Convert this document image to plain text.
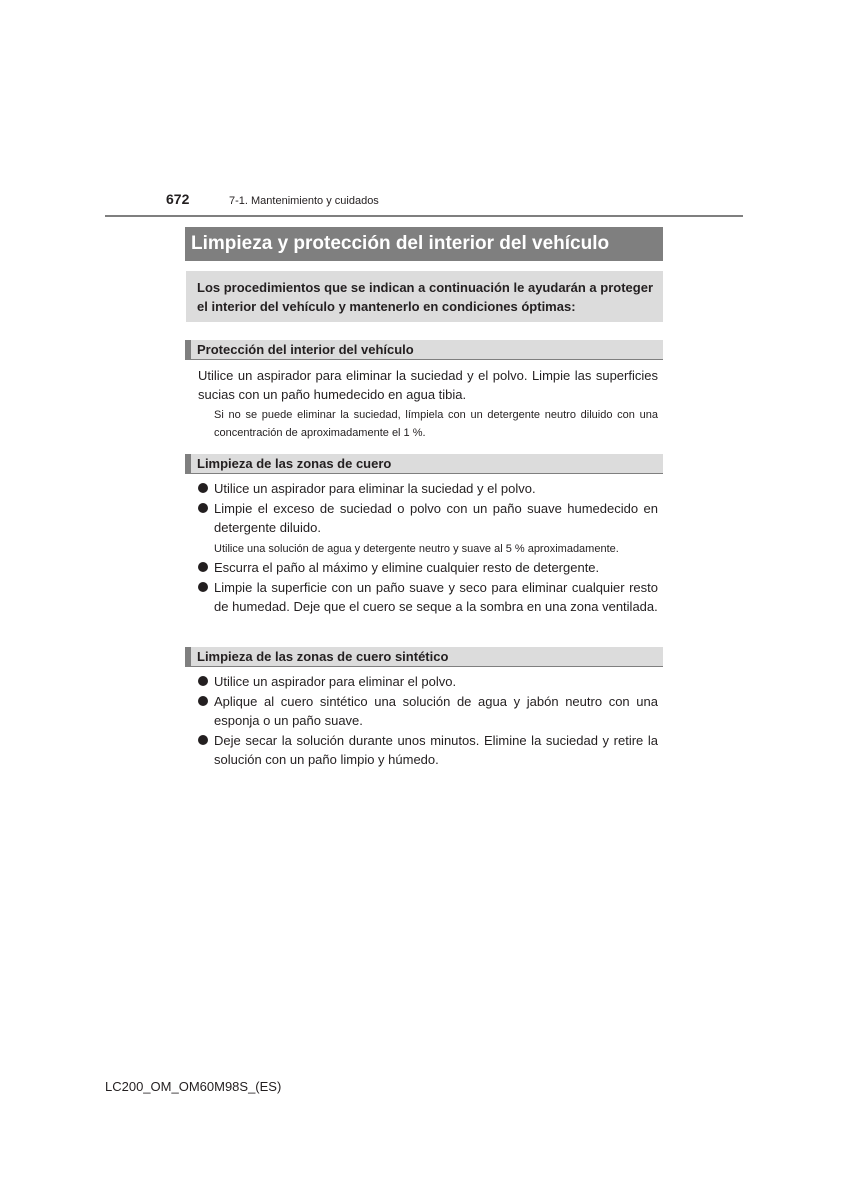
672	7-1. Mantenimiento y cuidados
Limpieza y protección del interior del vehículo
Los procedimientos que se indican a continuación le ayudarán a proteger el interior del vehículo y mantenerlo en condiciones óptimas:
Protección del interior del vehículo
Utilice un aspirador para eliminar la suciedad y el polvo. Limpie las superficies sucias con un paño humedecido en agua tibia.
Si no se puede eliminar la suciedad, límpiela con un detergente neutro diluido con una concentración de aproximadamente el 1 %.
Limpieza de las zonas de cuero
Utilice un aspirador para eliminar la suciedad y el polvo.
Limpie el exceso de suciedad o polvo con un paño suave humedecido en detergente diluido.
Utilice una solución de agua y detergente neutro y suave al 5 % aproximadamente.
Escurra el paño al máximo y elimine cualquier resto de detergente.
Limpie la superficie con un paño suave y seco para eliminar cualquier resto de humedad. Deje que el cuero se seque a la sombra en una zona ventilada.
Limpieza de las zonas de cuero sintético
Utilice un aspirador para eliminar el polvo.
Aplique al cuero sintético una solución de agua y jabón neutro con una esponja o un paño suave.
Deje secar la solución durante unos minutos. Elimine la suciedad y retire la solución con un paño limpio y húmedo.
LC200_OM_OM60M98S_(ES)
